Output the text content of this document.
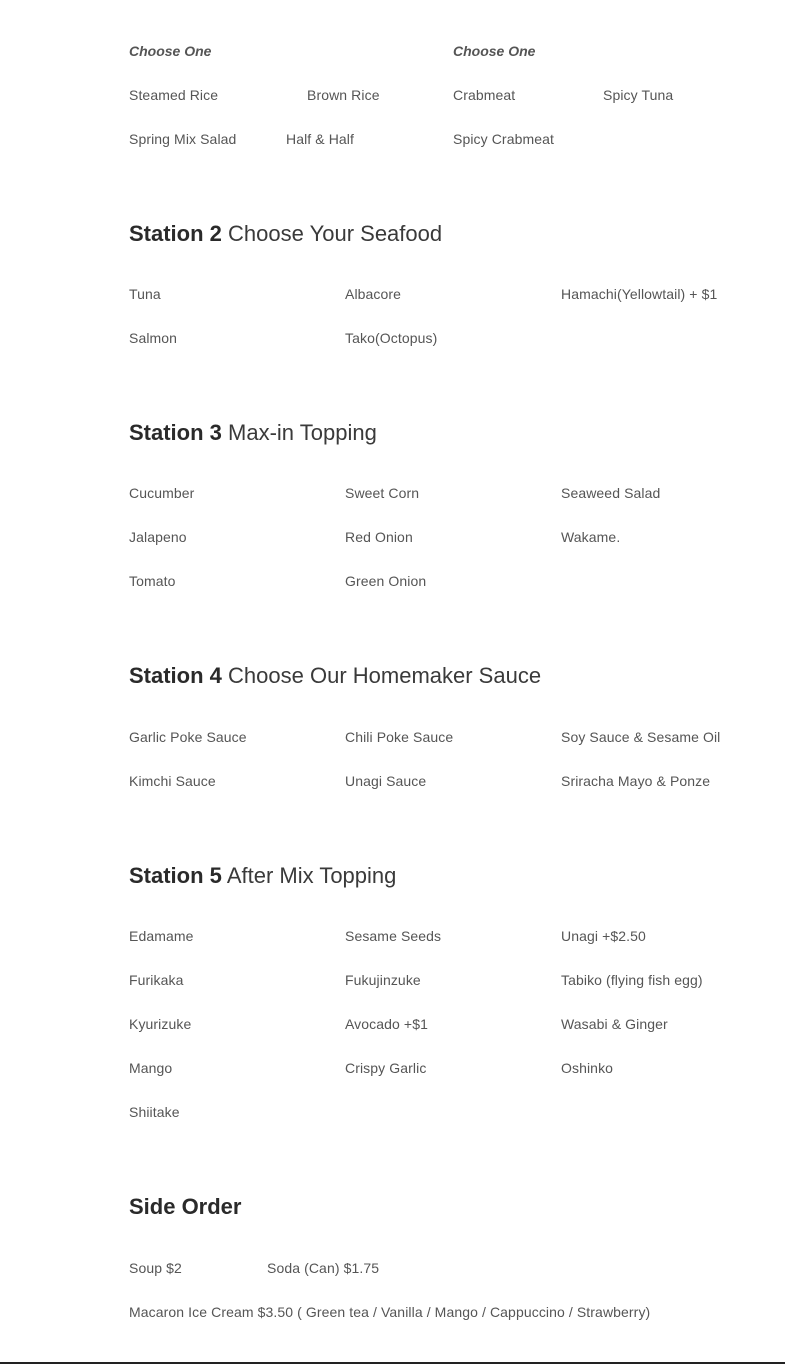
Choose One
Steamed Rice	Brown Rice
Spring Mix Salad	Half & Half
Choose One
Crabmeat	Spicy Tuna
Spicy Crabmeat
Station 2 Choose Your Seafood
Tuna	Albacore	Hamachi(Yellowtail) + $1
Salmon	Tako(Octopus)
Station 3 Max-in Topping
Cucumber	Sweet Corn	Seaweed Salad
Jalapeno	Red Onion	Wakame.
Tomato	Green Onion
Station 4 Choose Our Homemaker Sauce
Garlic Poke Sauce	Chili Poke Sauce	Soy Sauce & Sesame Oil
Kimchi Sauce	Unagi Sauce	Sriracha Mayo & Ponze
Station 5 After Mix Topping
Edamame	Sesame Seeds	Unagi +$2.50
Furikaka	Fukujinzuke	Tabiko (flying fish egg)
Kyurizuke	Avocado +$1	Wasabi & Ginger
Mango	Crispy Garlic	Oshinko
Shiitake
Side Order
Soup $2	Soda (Can) $1.75
Macaron Ice Cream $3.50 ( Green tea / Vanilla / Mango / Cappuccino / Strawberry)
